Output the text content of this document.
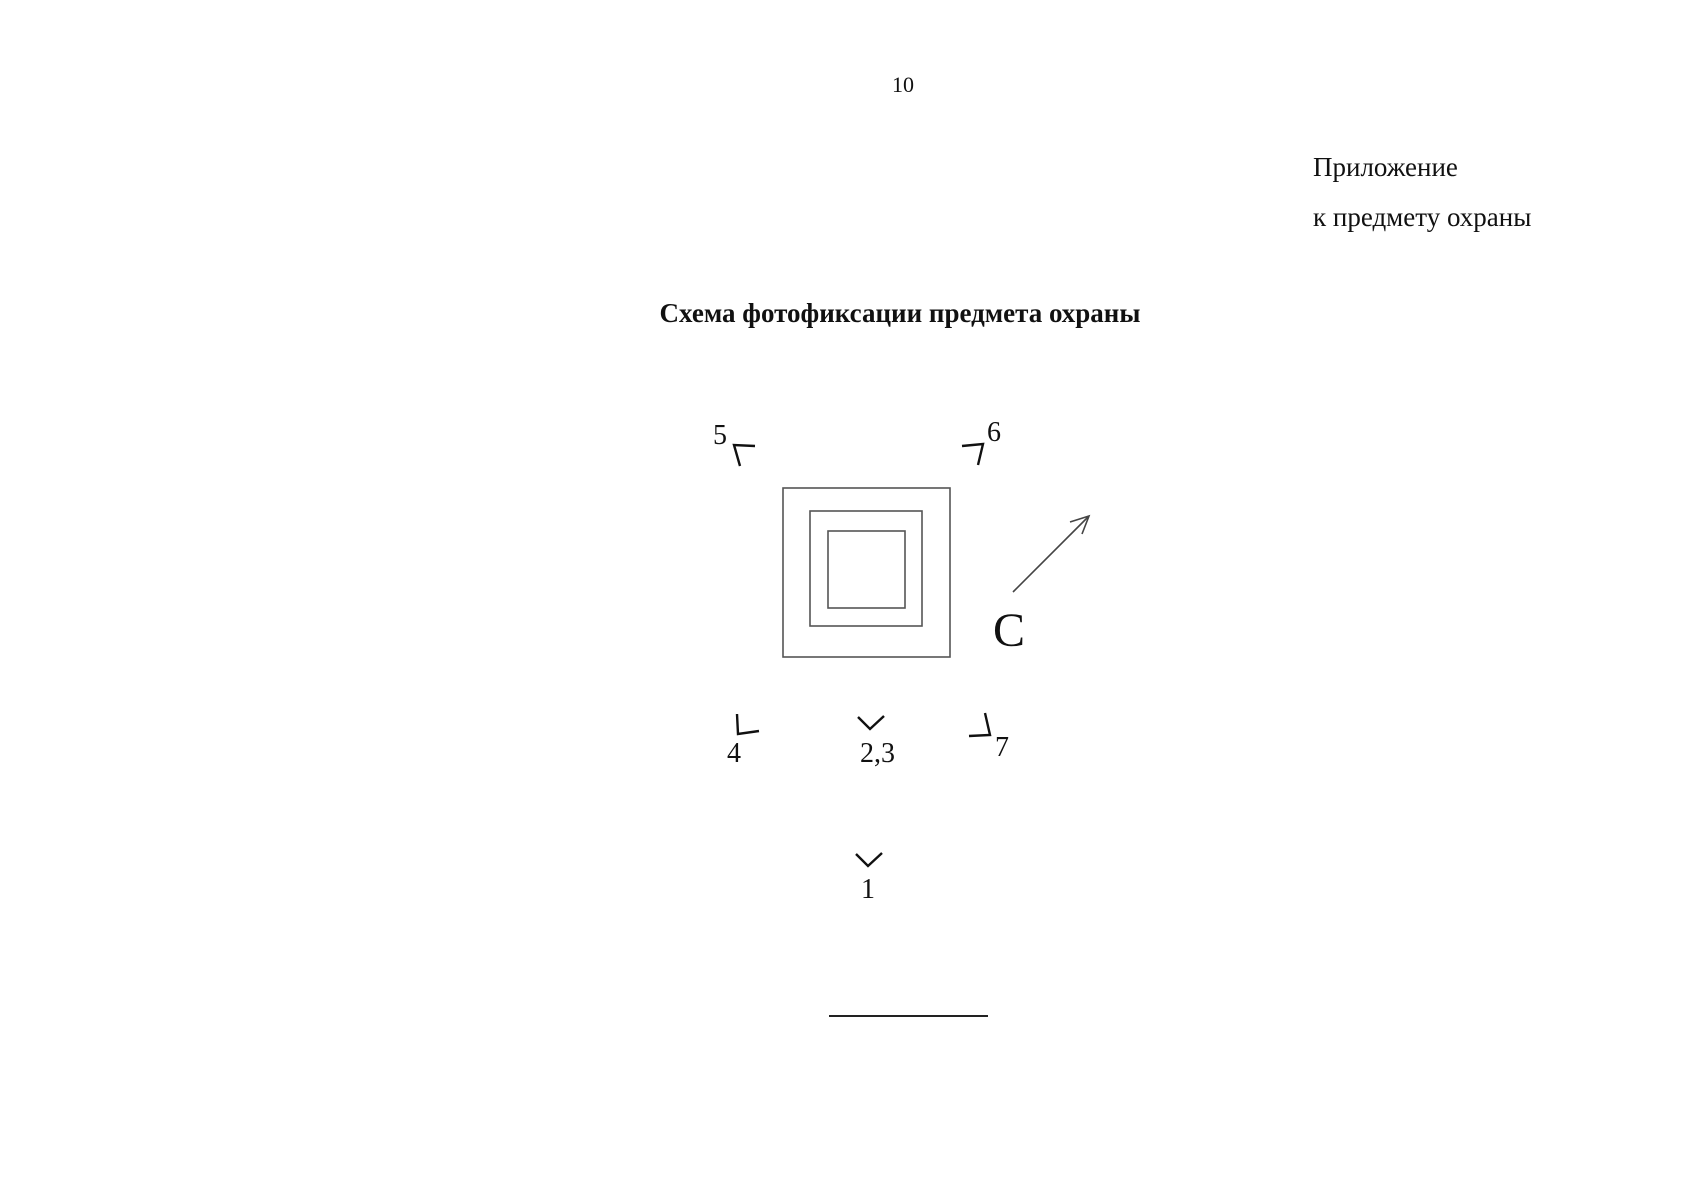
10
Приложение
к предмету охраны
Схема фотофиксации предмета охраны
С
5	6
4	2,3	7
1
